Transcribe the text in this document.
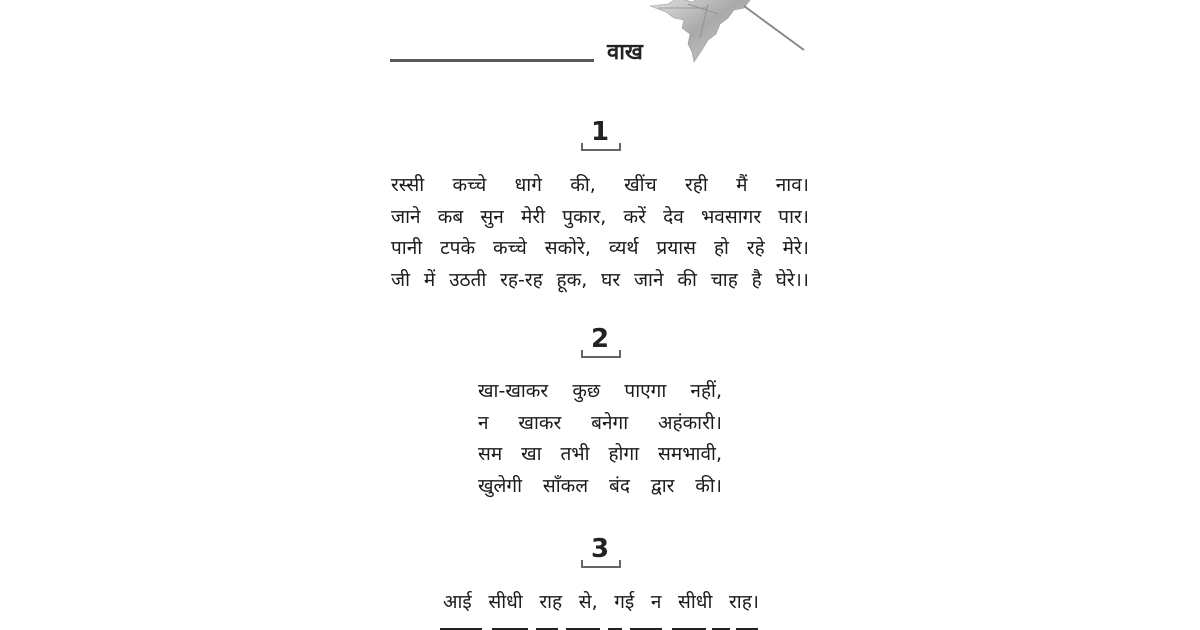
वाख
1
रस्सी कच्चे धागे की, खींच रही मैं नाव।
जाने कब सुन मेरी पुकार, करें देव भवसागर पार।
पानी टपके कच्चे सकोरे, व्यर्थ प्रयास हो रहे मेरे।
जी में उठती रह-रह हूक, घर जाने की चाह है घेरे।।
2
खा-खाकर कुछ पाएगा नहीं,
न खाकर बनेगा अहंकारी।
सम खा तभी होगा समभावी,
खुलेगी साँकल बंद द्वार की।
3
आई सीधी राह से, गई न सीधी राह।
